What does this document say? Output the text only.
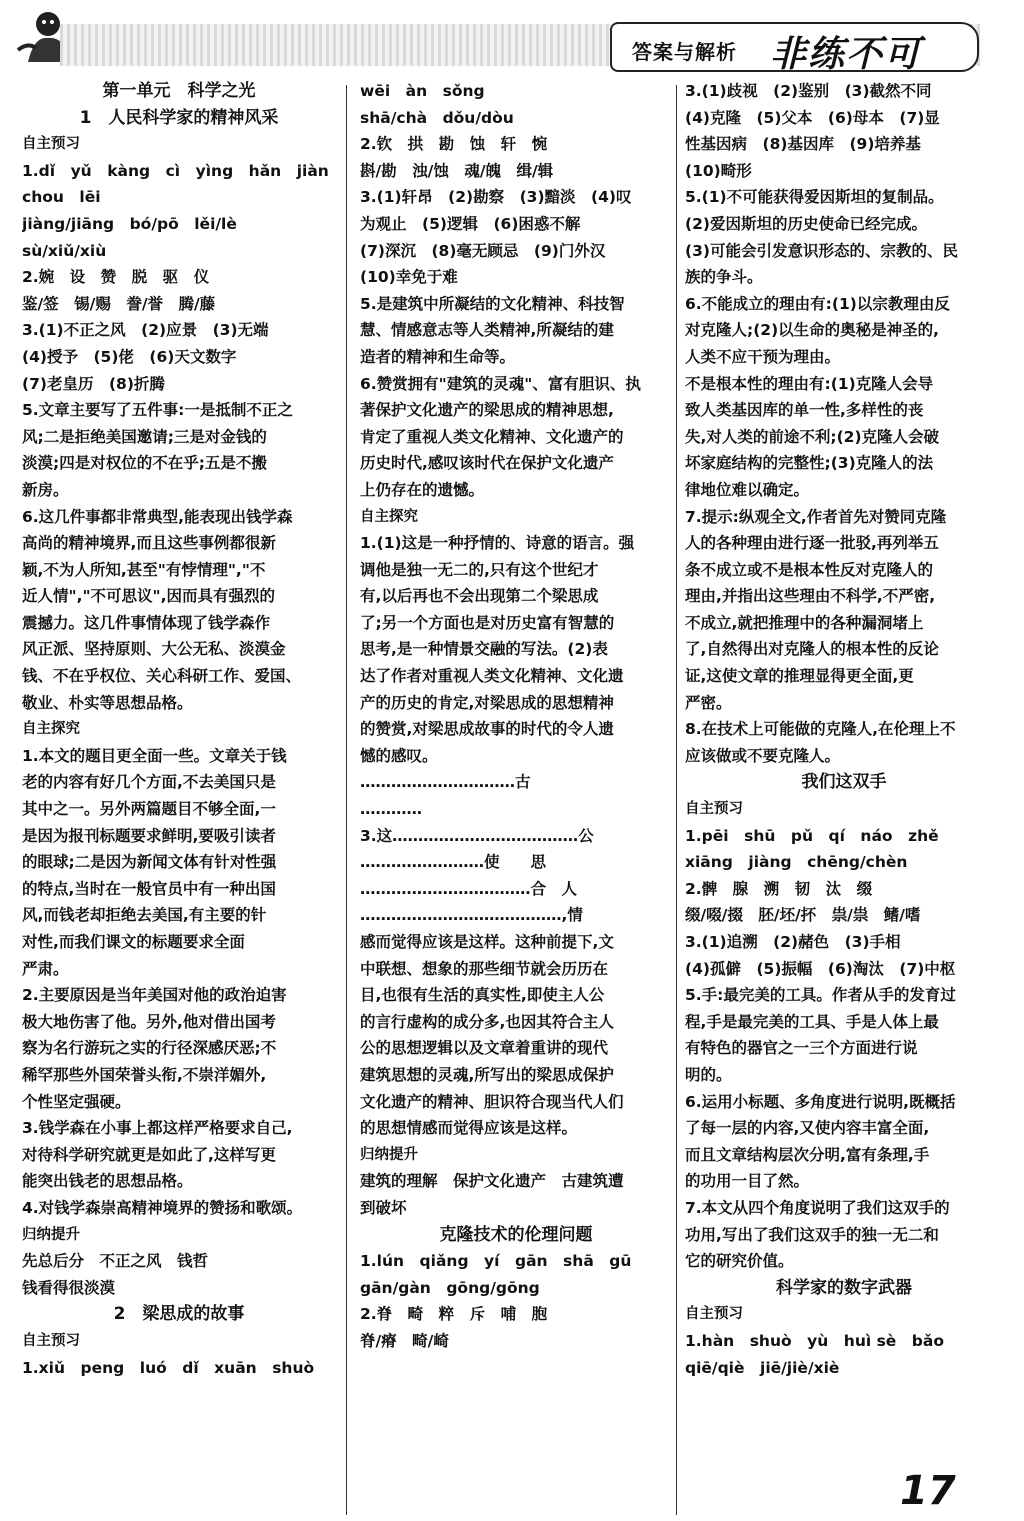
答案与解析 非练不可
第一单元　科学之光
1　人民科学家的精神风采
自主预习
1.dǐ　yǔ　kàng　cì　yìng　hǎn　jiàn
chou　lēi
jiàng/jiāng　bó/pō　lěi/lè
sù/xiǔ/xiù
2.婉　设　赞　脱　驱　仪
鉴/签　锡/赐　誊/誉　腾/藤
3.(1)不正之风　(2)应景　(3)无端
(4)授予　(5)佬　(6)天文数字
(7)老皇历　(8)折腾
5.文章主要写了五件事:一是抵制不正之
风;二是拒绝美国邀请;三是对金钱的
淡漠;四是对权位的不在乎;五是不搬
新房。
6.这几件事都非常典型,能表现出钱学森
高尚的精神境界,而且这些事例都很新
颖,不为人所知,甚至"有悖情理","不
近人情","不可思议",因而具有强烈的
震撼力。这几件事情体现了钱学森作
风正派、坚持原则、大公无私、淡漠金
钱、不在乎权位、关心科研工作、爱国、
敬业、朴实等思想品格。
自主探究
1.本文的题目更全面一些。文章关于钱
老的内容有好几个方面,不去美国只是
其中之一。另外两篇题目不够全面,一
是因为报刊标题要求鲜明,要吸引读者
的眼球;二是因为新闻文体有针对性强
的特点,当时在一般官员中有一种出国
风,而钱老却拒绝去美国,有主要的针
对性,而我们课文的标题要求全面
严肃。
2.主要原因是当年美国对他的政治迫害
极大地伤害了他。另外,他对借出国考
察为名行游玩之实的行径深感厌恶;不
稀罕那些外国荣誉头衔,不崇洋媚外,
个性坚定强硬。
3.钱学森在小事上都这样严格要求自己,
对待科学研究就更是如此了,这样写更
能突出钱老的思想品格。
4.对钱学森崇高精神境界的赞扬和歌颂。
归纳提升
先总后分　不正之风　钱哲
钱看得很淡漠
2　梁思成的故事
自主预习
1.xiǔ　peng　luó　dǐ　xuān　shuò
wēi　àn　sǒng
shā/chà　dǒu/dòu
2.钦　拱　勘　蚀　轩　惋
斟/勘　浊/蚀　魂/魄　缉/辑
3.(1)轩昂　(2)勘察　(3)黯淡　(4)叹
为观止　(5)逻辑　(6)困惑不解
(7)深沉　(8)毫无顾忌　(9)门外汉
(10)幸免于难
5.是建筑中所凝结的文化精神、科技智
慧、情感意志等人类精神,所凝结的建
造者的精神和生命等。
6.赞赏拥有"建筑的灵魂"、富有胆识、执
著保护文化遗产的梁思成的精神思想,
肯定了重视人类文化精神、文化遗产的
历史时代,感叹该时代在保护文化遗产
上仍存在的遗憾。
自主探究
1.(1)这是一种抒情的、诗意的语言。强
调他是独一无二的,只有这个世纪才
有,以后再也不会出现第二个梁思成
了;另一个方面也是对历史富有智慧的
思考,是一种情景交融的写法。(2)表
达了作者对重视人类文化精神、文化遗
产的历史的肯定,对梁思成的思想精神
的赞赏,对梁思成故事的时代的令人遗
憾的感叹。
…………………………古
…………
3.这………………………………公
……………………使　　思
……………………………合　人
…………………………………,情
感而觉得应该是这样。这种前提下,文
中联想、想象的那些细节就会历历在
目,也很有生活的真实性,即使主人公
的言行虚构的成分多,也因其符合主人
公的思想逻辑以及文章着重讲的现代
建筑思想的灵魂,所写出的梁思成保护
文化遗产的精神、胆识符合现当代人们
的思想情感而觉得应该是这样。
归纳提升
建筑的理解　保护文化遗产　古建筑遭
到破坏
克隆技术的伦理问题
1.lún　qiǎng　yí　gān　shā　gū
gān/gàn　gōng/gōng
2.脊　畸　粹　斥　哺　胞
脊/瘠　畸/崎
3.(1)歧视　(2)鉴别　(3)截然不同
(4)克隆　(5)父本　(6)母本　(7)显
性基因病　(8)基因库　(9)培养基
(10)畸形
5.(1)不可能获得爱因斯坦的复制品。
(2)爱因斯坦的历史使命已经完成。
(3)可能会引发意识形态的、宗教的、民
族的争斗。
6.不能成立的理由有:(1)以宗教理由反
对克隆人;(2)以生命的奥秘是神圣的,
人类不应干预为理由。
不是根本性的理由有:(1)克隆人会导
致人类基因库的单一性,多样性的丧
失,对人类的前途不利;(2)克隆人会破
坏家庭结构的完整性;(3)克隆人的法
律地位难以确定。
7.提示:纵观全文,作者首先对赞同克隆
人的各种理由进行逐一批驳,再列举五
条不成立或不是根本性反对克隆人的
理由,并指出这些理由不科学,不严密,
不成立,就把推理中的各种漏洞堵上
了,自然得出对克隆人的根本性的反论
证,这使文章的推理显得更全面,更
严密。
8.在技术上可能做的克隆人,在伦理上不
应该做或不要克隆人。
我们这双手
自主预习
1.pēi　shū　pǔ　qí　náo　zhě
xiāng　jiàng　chēng/chèn
2.髀　腺　溯　韧　汰　缀
缀/啜/掇　胚/坯/抔　祟/祟　鳍/嗜
3.(1)追溯　(2)赭色　(3)手相
(4)孤僻　(5)振幅　(6)淘汰　(7)中枢
5.手:最完美的工具。作者从手的发育过
程,手是最完美的工具、手是人体上最
有特色的器官之一三个方面进行说
明的。
6.运用小标题、多角度进行说明,既概括
了每一层的内容,又使内容丰富全面,
而且文章结构层次分明,富有条理,手
的功用一目了然。
7.本文从四个角度说明了我们这双手的
功用,写出了我们这双手的独一无二和
它的研究价值。
科学家的数字武器
自主预习
1.hàn　shuò　yù　huì sè　bǎo
qiē/qiè　jiē/jiè/xiè
17
